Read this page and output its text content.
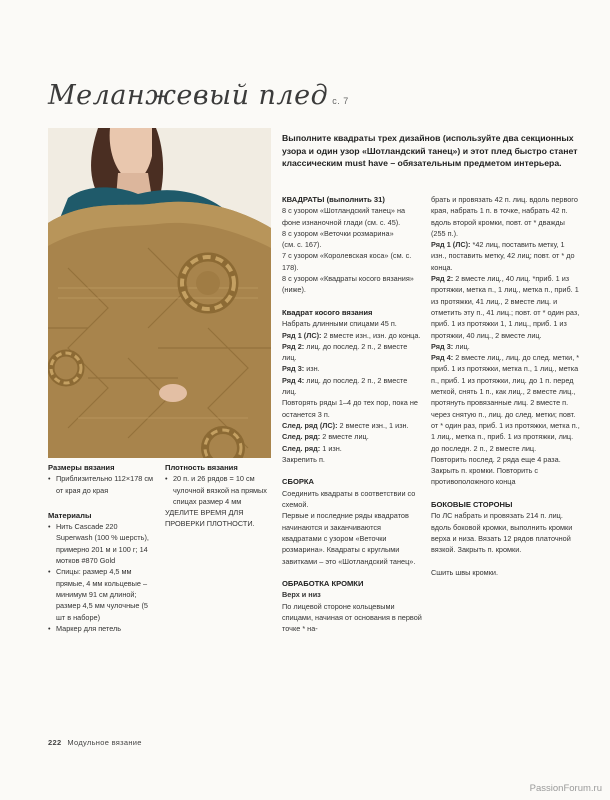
Меланжевый плед с. 7
Выполните квадраты трех дизайнов (используйте два секционных узора и один узор «Шотландский танец») и этот плед быстро станет классическим must have – обязательным предметом интерьера.

Размеры вязания

• Приблизительно 112×178 см от края до края

Материалы

• Нить Cascade 220 Superwash (100 % шерсть), примерно 201 м и 100 г; 14 мотков #870 Gold
• Спицы: размер 4,5 мм прямые, 4 мм кольцевые – минимум 91 см длиной; размер 4,5 мм чулочные (5 шт в наборе)
• Маркер для петель

Плотность вязания

• 20 п. и 26 рядов = 10 см чулочной вязкой на прямых спицах размер 4 мм

УДЕЛИТЕ ВРЕМЯ ДЛЯ ПРОВЕРКИ ПЛОТНОСТИ.

КВАДРАТЫ (выполнить 31)

8 с узором «Шотландский танец» на фоне изнаночной глади (см. с. 45).

8 с узором «Веточки розмарина»

(см. с. 167).

7 с узором «Королевская коса» (см. с. 178).

8 с узором «Квадраты косого вязания»

(ниже).

Квадрат косого вязания

Набрать длинными спицами 45 п.

Ряд 1 (ЛС): 2 вместе изн., изн. до конца.

Ряд 2: лиц. до послед. 2 п., 2 вместе лиц.

Ряд 3: изн.

Ряд 4: лиц. до послед. 2 п., 2 вместе лиц.

Повторять ряды 1–4 до тех пор, пока не останется 3 п.

След. ряд (ЛС): 2 вместе изн., 1 изн.

След. ряд: 2 вместе лиц.

След. ряд: 1 изн.

Закрепить п.

СБОРКА

Соединить квадраты в соответствии со схемой.

Первые и последние ряды квадратов начинаются и заканчиваются квадратами с узором «Веточки розмарина». Квадраты с круглыми завитками – это «Шотландский танец».

ОБРАБОТКА КРОМКИ

Верх и низ

По лицевой стороне кольцевыми спицами, начиная от основания в первой точке * на-

брать и провязать 42 п. лиц. вдоль первого края, набрать 1 п. в точке, набрать 42 п. вдоль второй кромки, повт. от * дважды (255 п.).

Ряд 1 (ЛС): *42 лиц, поставить метку, 1 изн., поставить метку, 42 лиц; повт. от * до конца.

Ряд 2: 2 вместе лиц., 40 лиц. *приб. 1 из протяжки, метка п., 1 лиц., метка п., приб. 1 из протяжки, 41 лиц., 2 вместе лиц. и отметить эту п., 41 лиц.; повт. от * один раз, приб. 1 из протяжки 1, 1 лиц., приб. 1 из протяжки, 40 лиц., 2 вместе лиц.

Ряд 3: лиц.

Ряд 4: 2 вместе лиц., лиц. до след. метки, * приб. 1 из протяжки, метка п., 1 лиц., метка п., приб. 1 из протяжки, лиц. до 1 п. перед меткой, снять 1 п., как лиц., 2 вместе лиц., протянуть провязанные лиц. 2 вместе п. через снятую п., лиц. до след. метки; повт. от * один раз, приб. 1 из протяжки, метка п., 1 лиц., метка п., приб. 1 из протяжки, лиц. до последн. 2 п., 2 вместе лиц.

Повторить послед. 2 ряда еще 4 раза. Закрыть п. кромки. Повторить с противоположного конца

БОКОВЫЕ СТОРОНЫ

По ЛС набрать и провязать 214 п. лиц. вдоль боковой кромки, выполнить кромки верха и низа. Вязать 12 рядов платочной вязкой. Закрыть п. кромки.

Сшить швы кромки.

222 Модульное вязание
PassionForum.ru
